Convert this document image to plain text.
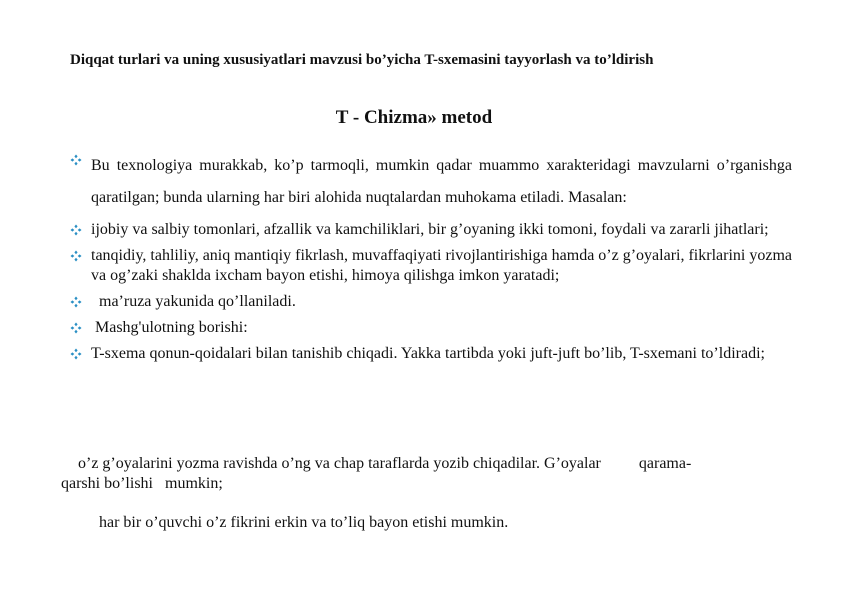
Diqqat turlari va uning xususiyatlari mavzusi bo’yicha T-sxemasini tayyorlash va to’ldirish
T - Chizma» metod
Bu texnologiya murakkab, ko’p tarmoqli, mumkin qadar muammo xarakteridagi mavzularni o’rganishga qaratilgan; bunda ularning har biri alohida nuqtalardan muhokama etiladi. Masalan:
ijobiy va salbiy tomonlari, afzallik va kamchiliklari, bir g’oyaning ikki tomoni, foydali va zararli jihatlari;
tanqidiy, tahliliy, aniq mantiqiy fikrlash, muvaffaqiyati rivojlantirishiga hamda o’z g’oyalari, fikrlarini yozma va og’zaki shaklda ixcham bayon etishi, himoya qilishga imkon yaratadi;
ma’ruza yakunida qo’llaniladi.
Mashg'ulotning borishi:
T-sxema qonun-qoidalari bilan tanishib chiqadi. Yakka tartibda yoki juft-juft bo’lib, T-sxemani to’ldiradi;
o’z g’oyalarini yozma ravishda o’ng va chap taraflarda yozib chiqadilar. G’oyalar qarama-
qarshi bo’lishi   mumkin;
har bir o’quvchi o’z fikrini erkin va to’liq bayon etishi mumkin.
